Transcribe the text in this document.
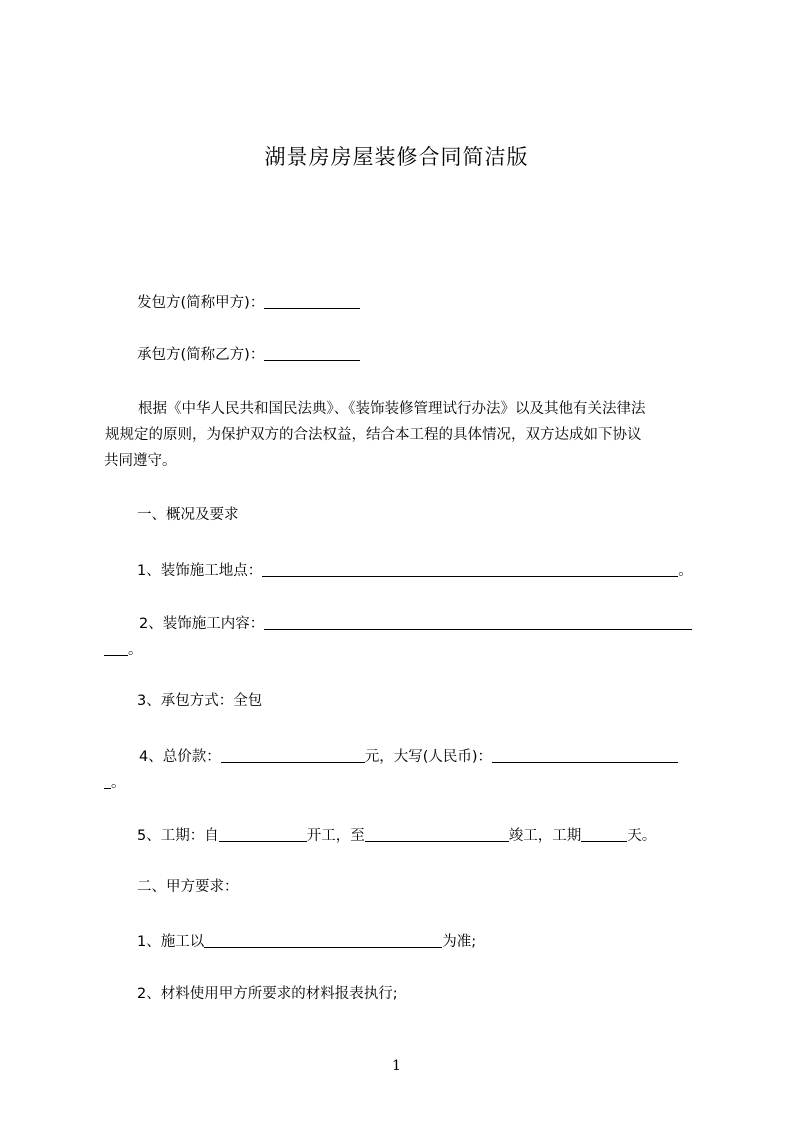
湖景房房屋装修合同简洁版
发包方(简称甲方)：
承包方(简称乙方)：
根据《中华人民共和国民法典》、《装饰装修管理试行办法》以及其他有关法律法
规规定的原则，为保护双方的合法权益，结合本工程的具体情况，双方达成如下协议
共同遵守。
一、概况及要求
1、装饰施工地点：	。
2、装饰施工内容：
。
3、承包方式：全包
4、总价款：	元，大写(人民币)：
。
5、工期：自	开工，至	竣工，工期	天。
二、甲方要求：
1、施工以	为准;
2、材料使用甲方所要求的材料报表执行;
1
